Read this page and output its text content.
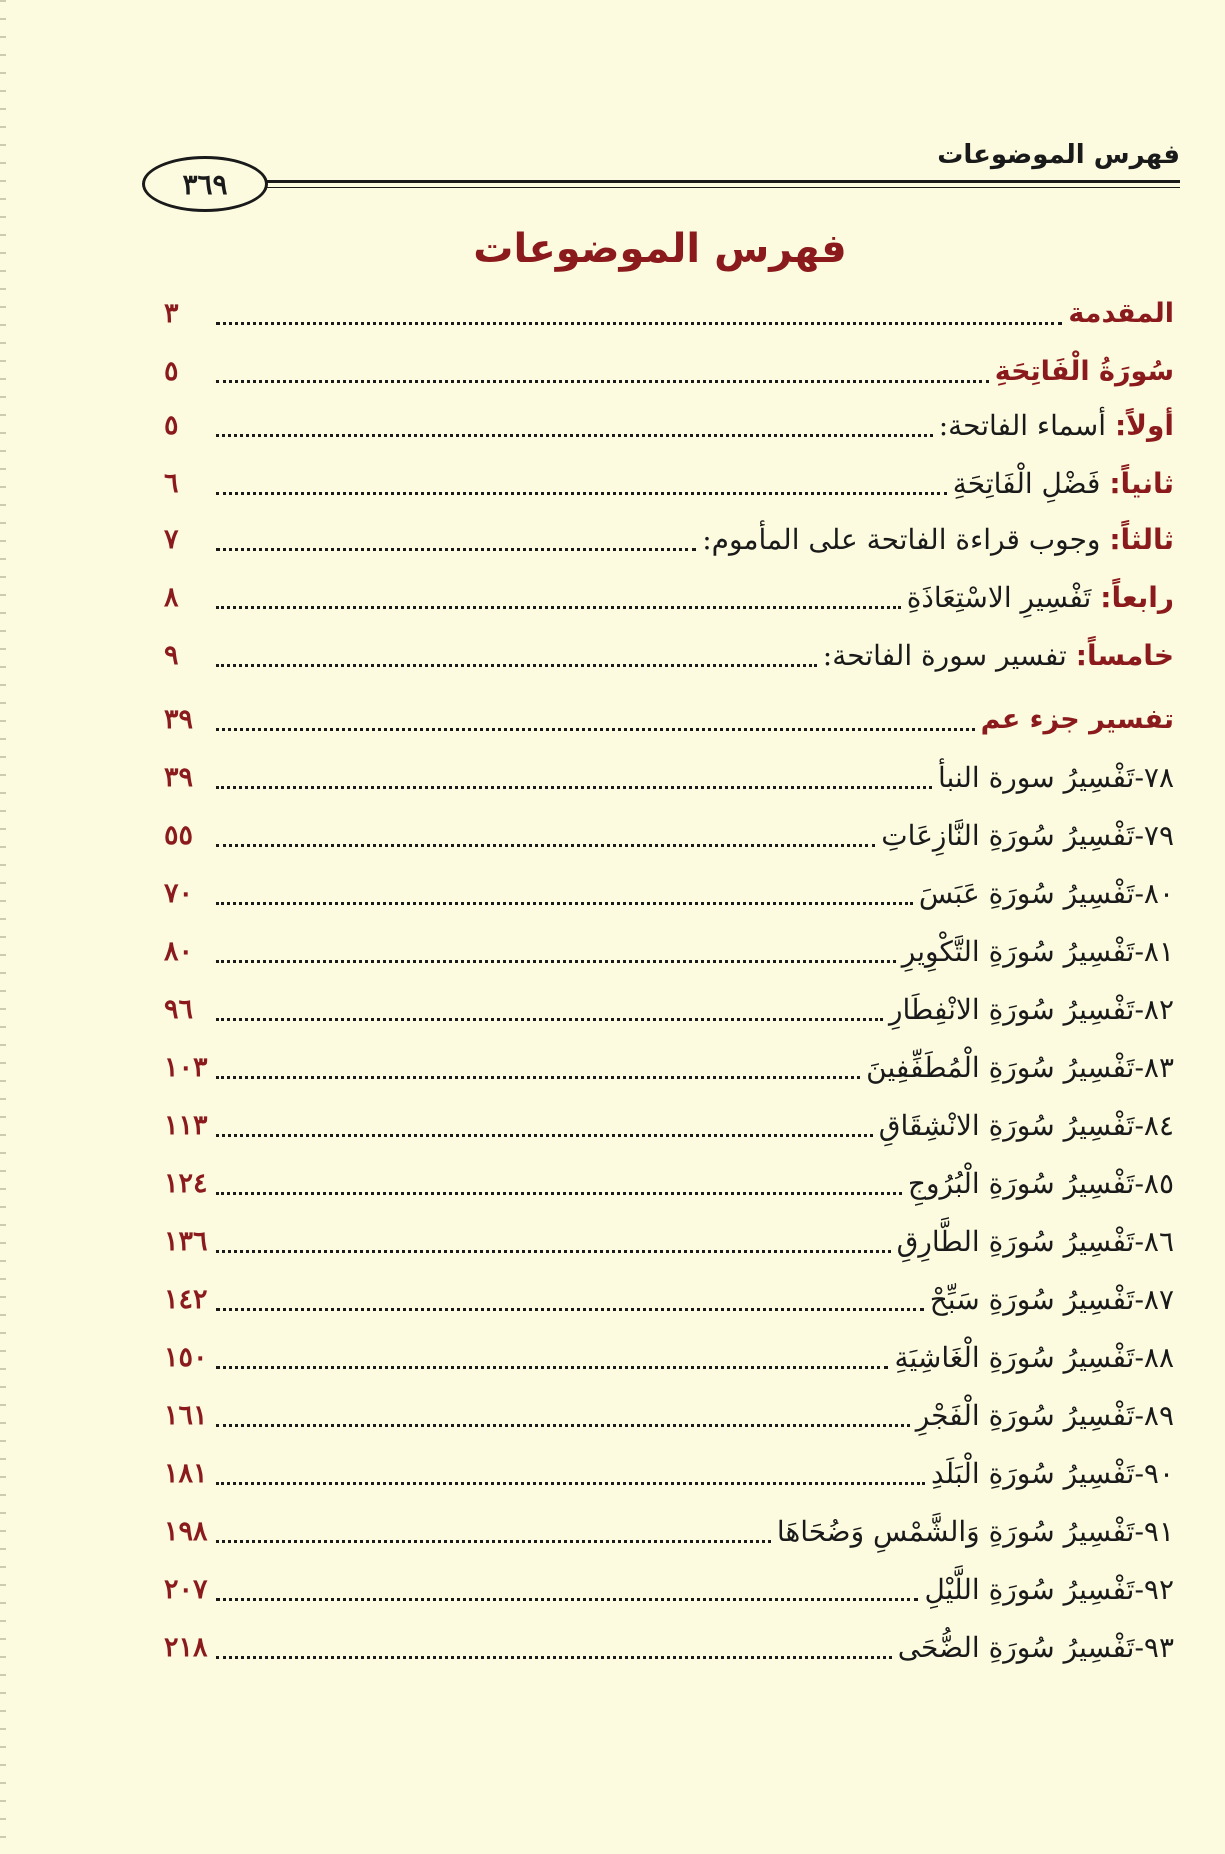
فهرس الموضوعات
٣٦٩
فهرس الموضوعات
المقدمة
٣
سُورَةُ الْفَاتِحَةِ
٥
أولاً: أسماء الفاتحة:
٥
ثانياً: فَضْلِ الْفَاتِحَةِ
٦
ثالثاً: وجوب قراءة الفاتحة على المأموم:
٧
رابعاً: تَفْسِيرِ الاسْتِعَاذَةِ
٨
خامساً: تفسير سورة الفاتحة:
٩
تفسير جزء عم
٣٩
٧٨-تَفْسِيرُ سورة النبأ
٣٩
٧٩-تَفْسِيرُ سُورَةِ النَّازِعَاتِ
٥٥
٨٠-تَفْسِيرُ سُورَةِ عَبَسَ
٧٠
٨١-تَفْسِيرُ سُورَةِ التَّكْوِيرِ
٨٠
٨٢-تَفْسِيرُ سُورَةِ الانْفِطَارِ
٩٦
٨٣-تَفْسِيرُ سُورَةِ الْمُطَفِّفِينَ
١٠٣
٨٤-تَفْسِيرُ سُورَةِ الانْشِقَاقِ
١١٣
٨٥-تَفْسِيرُ سُورَةِ الْبُرُوجِ
١٢٤
٨٦-تَفْسِيرُ سُورَةِ الطَّارِقِ
١٣٦
٨٧-تَفْسِيرُ سُورَةِ سَبِّحْ
١٤٢
٨٨-تَفْسِيرُ سُورَةِ الْغَاشِيَةِ
١٥٠
٨٩-تَفْسِيرُ سُورَةِ الْفَجْرِ
١٦١
٩٠-تَفْسِيرُ سُورَةِ الْبَلَدِ
١٨١
٩١-تَفْسِيرُ سُورَةِ وَالشَّمْسِ وَضُحَاهَا
١٩٨
٩٢-تَفْسِيرُ سُورَةِ اللَّيْلِ
٢٠٧
٩٣-تَفْسِيرُ سُورَةِ الضُّحَى
٢١٨
